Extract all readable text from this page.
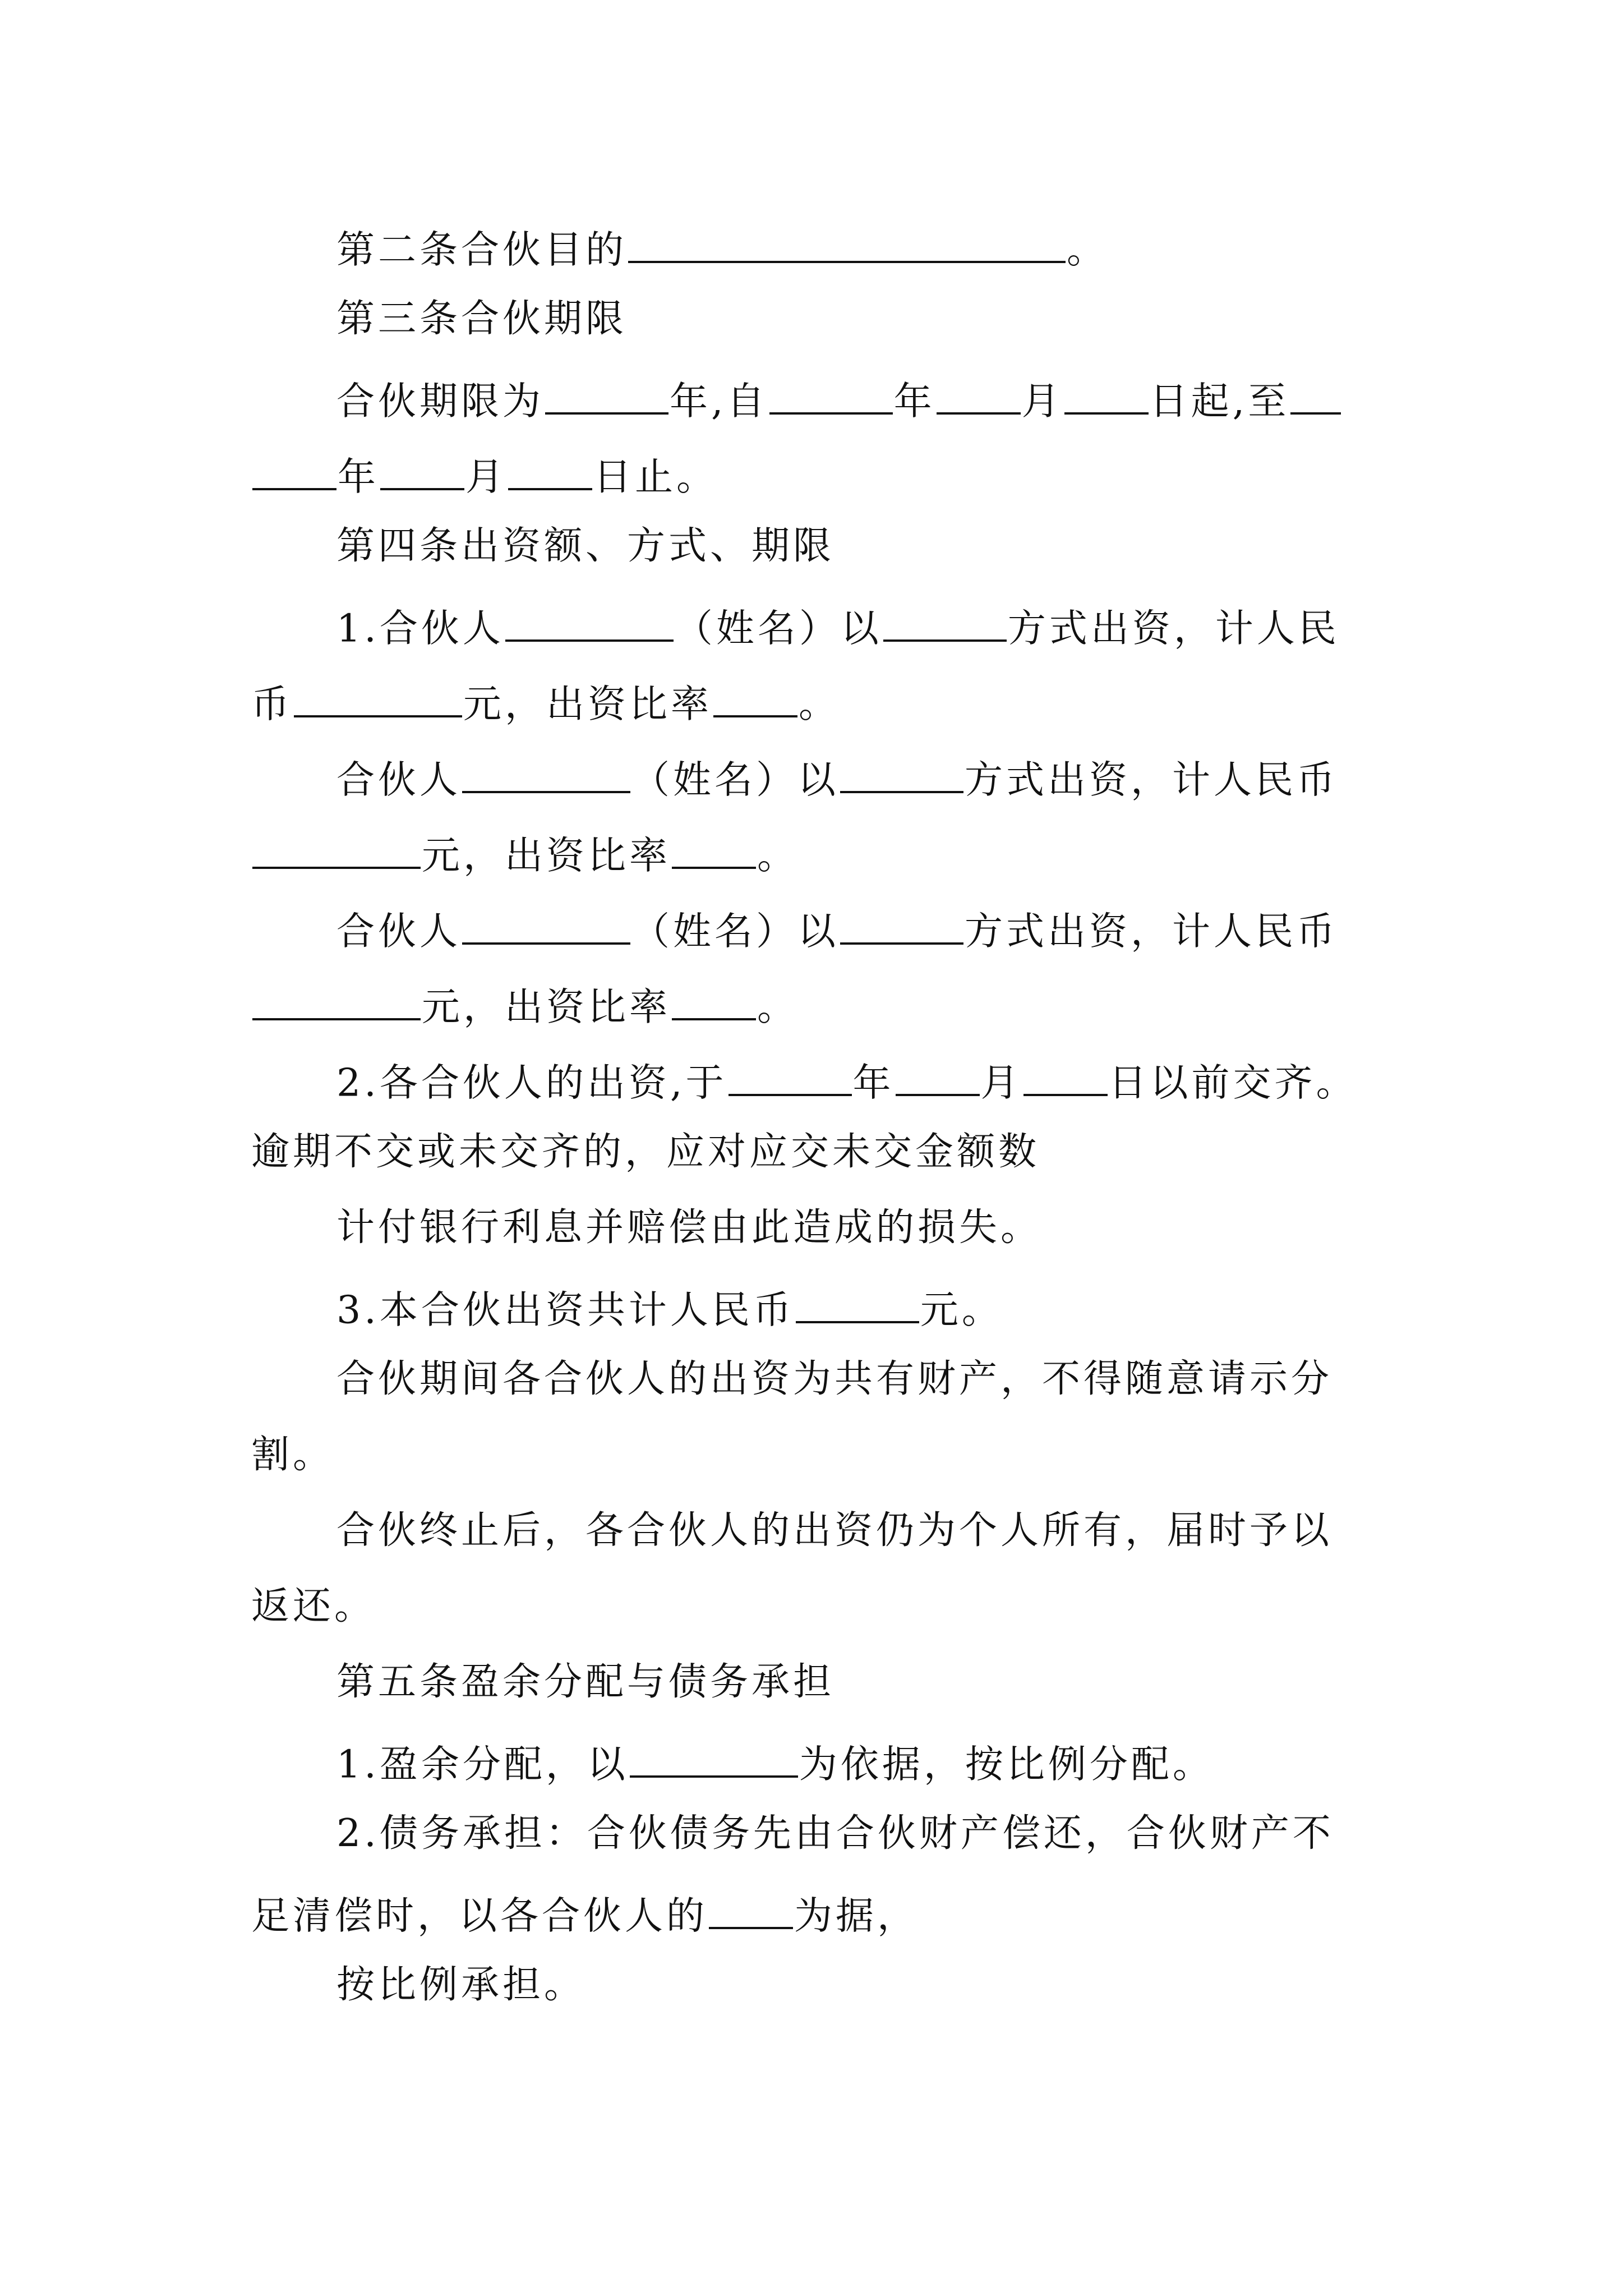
第二条合伙目的	。
第三条合伙期限
合伙期限为	年,自	年 月 日起,至
年 月 日止。
第四条出资额、方式、期限
1.合伙人	（姓名）以	方式出资，计人民
币	元，出资比率 。
合伙人	（姓名）以	方式出资，计人民币
元，出资比率 。
合伙人	（姓名）以	方式出资，计人民币
元，出资比率 。
2.各合伙人的出资,于	年 月 日以前交齐。
逾期不交或未交齐的，应对应交未交金额数
计付银行利息并赔偿由此造成的损失。
3.本合伙出资共计人民币	元。
合伙期间各合伙人的出资为共有财产，不得随意请示分
割。
合伙终止后，各合伙人的出资仍为个人所有，届时予以
返还。
第五条盈余分配与债务承担
1.盈余分配，以	为依据，按比例分配。
2.债务承担：合伙债务先由合伙财产偿还，合伙财产不
足清偿时，以各合伙人的 为据，
按比例承担。
